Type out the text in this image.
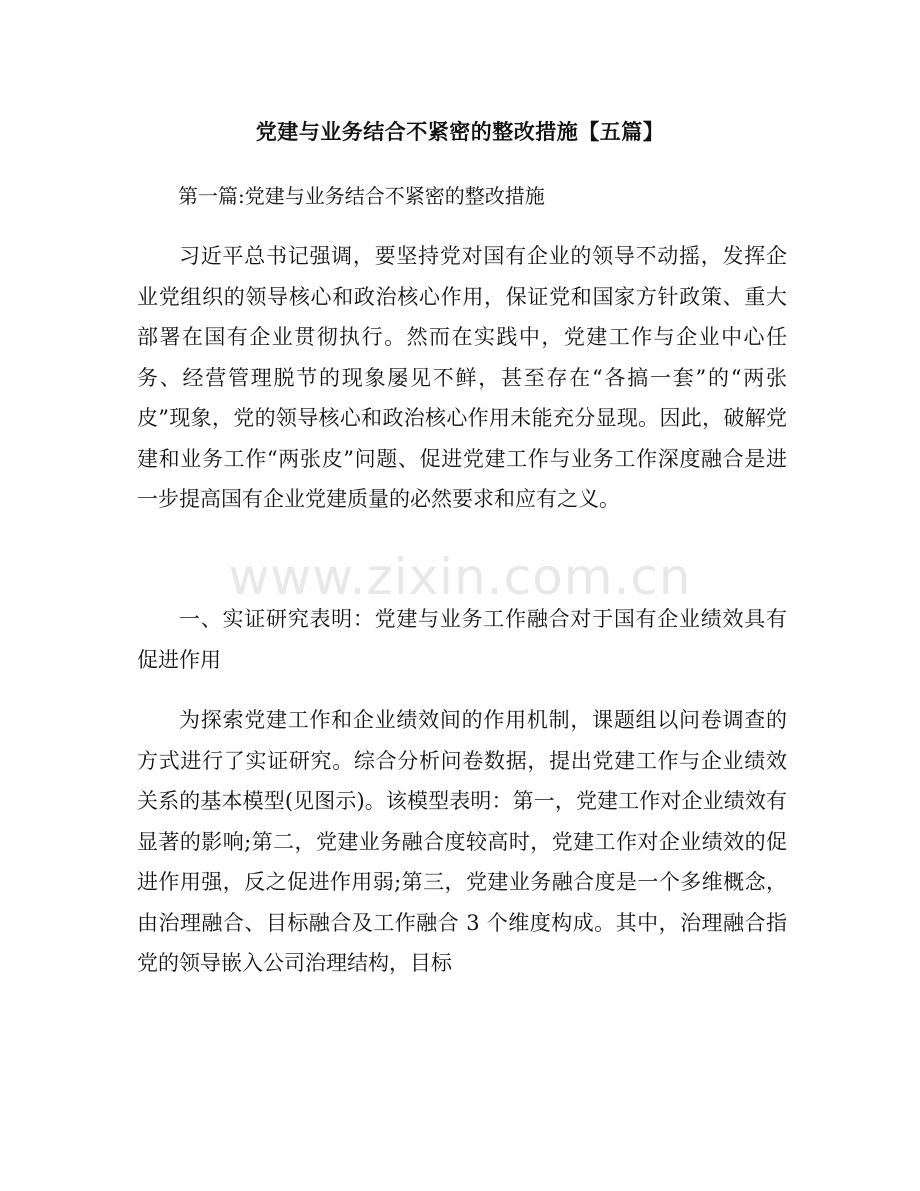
党建与业务结合不紧密的整改措施【五篇】
第一篇:党建与业务结合不紧密的整改措施

习近平总书记强调，要坚持党对国有企业的领导不动摇，发挥企业党组织的领导核心和政治核心作用，保证党和国家方针政策、重大部署在国有企业贯彻执行。然而在实践中，党建工作与企业中心任务、经营管理脱节的现象屡见不鲜，甚至存在“各搞一套”的“两张皮”现象，党的领导核心和政治核心作用未能充分显现。因此，破解党建和业务工作“两张皮”问题、促进党建工作与业务工作深度融合是进一步提高国有企业党建质量的必然要求和应有之义。

一、实证研究表明：党建与业务工作融合对于国有企业绩效具有促进作用

为探索党建工作和企业绩效间的作用机制，课题组以问卷调查的方式进行了实证研究。综合分析问卷数据，提出党建工作与企业绩效关系的基本模型(见图示)。该模型表明：第一，党建工作对企业绩效有显著的影响;第二，党建业务融合度较高时，党建工作对企业绩效的促进作用强，反之促进作用弱;第三，党建业务融合度是一个多维概念，由治理融合、目标融合及工作融合 3 个维度构成。其中，治理融合指党的领导嵌入公司治理结构，目标

www.zixin.com.cn
